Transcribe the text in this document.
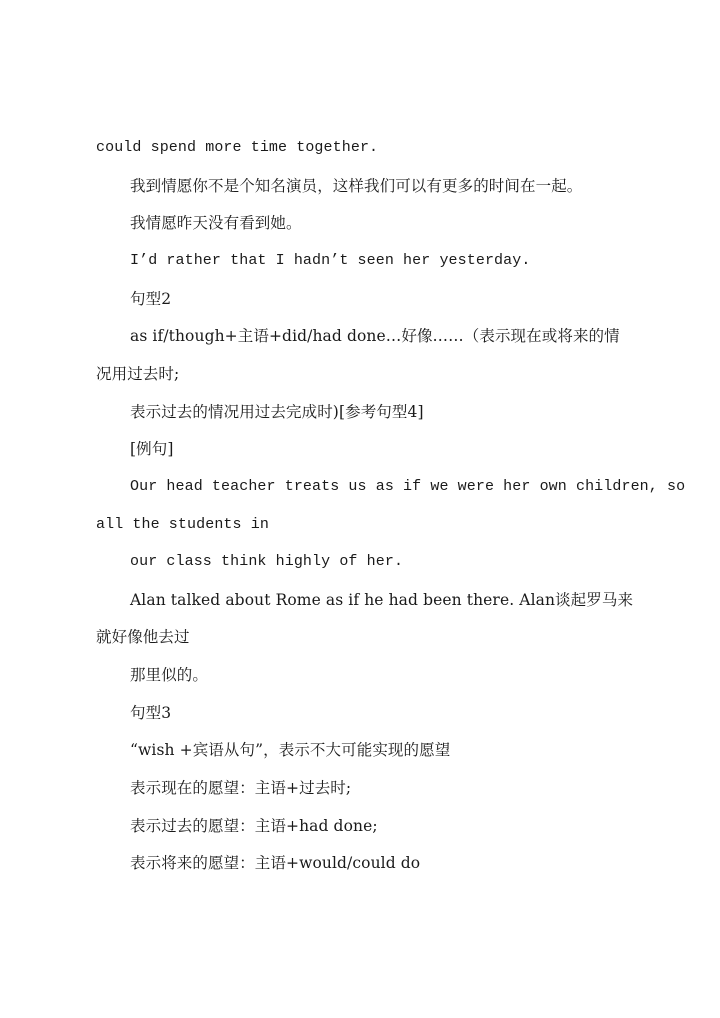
could spend more time together.
我到情愿你不是个知名演员，这样我们可以有更多的时间在一起。
我情愿昨天没有看到她。
I’d rather that I hadn’t seen her yesterday.
句型2
as if/though+主语+did/had done…好像……（表示现在或将来的情
况用过去时;
表示过去的情况用过去完成时)[参考句型4]
[例句]
Our head teacher treats us as if we were her own children, so
all the students in
our class think highly of her.
Alan talked about Rome as if he had been there. Alan谈起罗马来
就好像他去过
那里似的。
句型3
“wish +宾语从句”，表示不大可能实现的愿望
表示现在的愿望：主语+过去时;
表示过去的愿望：主语+had done;
表示将来的愿望：主语+would/could do
